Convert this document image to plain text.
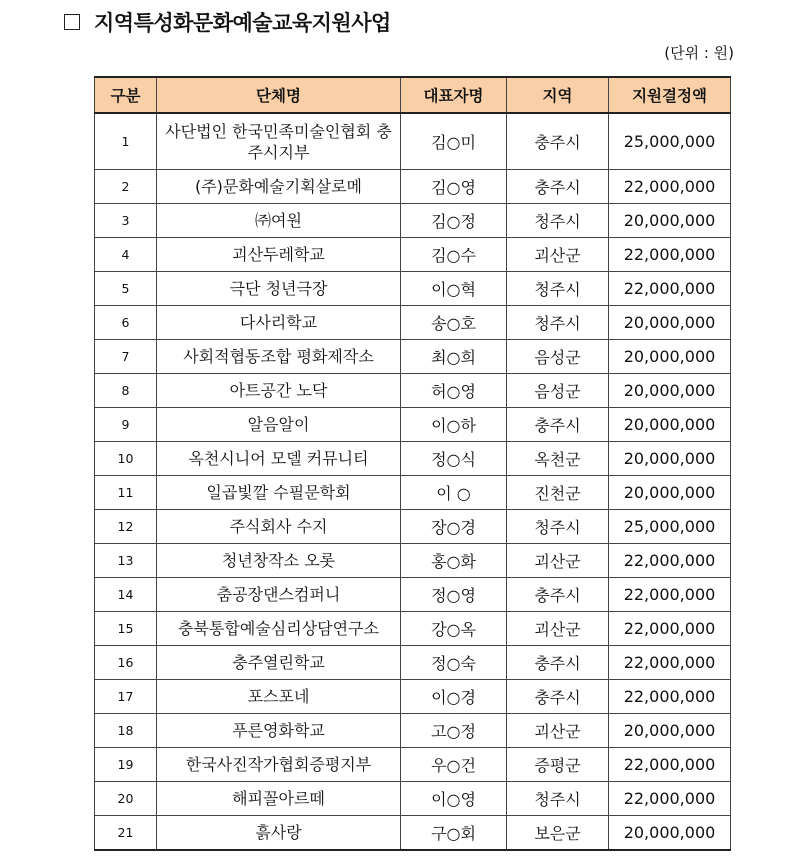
지역특성화문화예술교육지원사업
(단위 : 원)
구분	단체명	대표자명	지역	지원결정액
1	사단법인 한국민족미술인협회 충주시지부	김○미	충주시	25,000,000
2	(주)문화예술기획살로메	김○영	충주시	22,000,000
3	㈜여원	김○정	청주시	20,000,000
4	괴산두레학교	김○수	괴산군	22,000,000
5	극단 청년극장	이○혁	청주시	22,000,000
6	다사리학교	송○호	청주시	20,000,000
7	사회적협동조합 평화제작소	최○희	음성군	20,000,000
8	아트공간 노닥	허○영	음성군	20,000,000
9	알음알이	이○하	충주시	20,000,000
10	옥천시니어 모델 커뮤니티	정○식	옥천군	20,000,000
11	일곱빛깔 수필문학회	이 ○	진천군	20,000,000
12	주식회사 수지	장○경	청주시	25,000,000
13	청년창작소 오롯	홍○화	괴산군	22,000,000
14	춤공장댄스컴퍼니	정○영	충주시	22,000,000
15	충북통합예술심리상담연구소	강○옥	괴산군	22,000,000
16	충주열린학교	정○숙	충주시	22,000,000
17	포스포네	이○경	충주시	22,000,000
18	푸른영화학교	고○정	괴산군	20,000,000
19	한국사진작가협회증평지부	우○건	증평군	22,000,000
20	해피꼴아르떼	이○영	청주시	22,000,000
21	흙사랑	구○회	보은군	20,000,000
